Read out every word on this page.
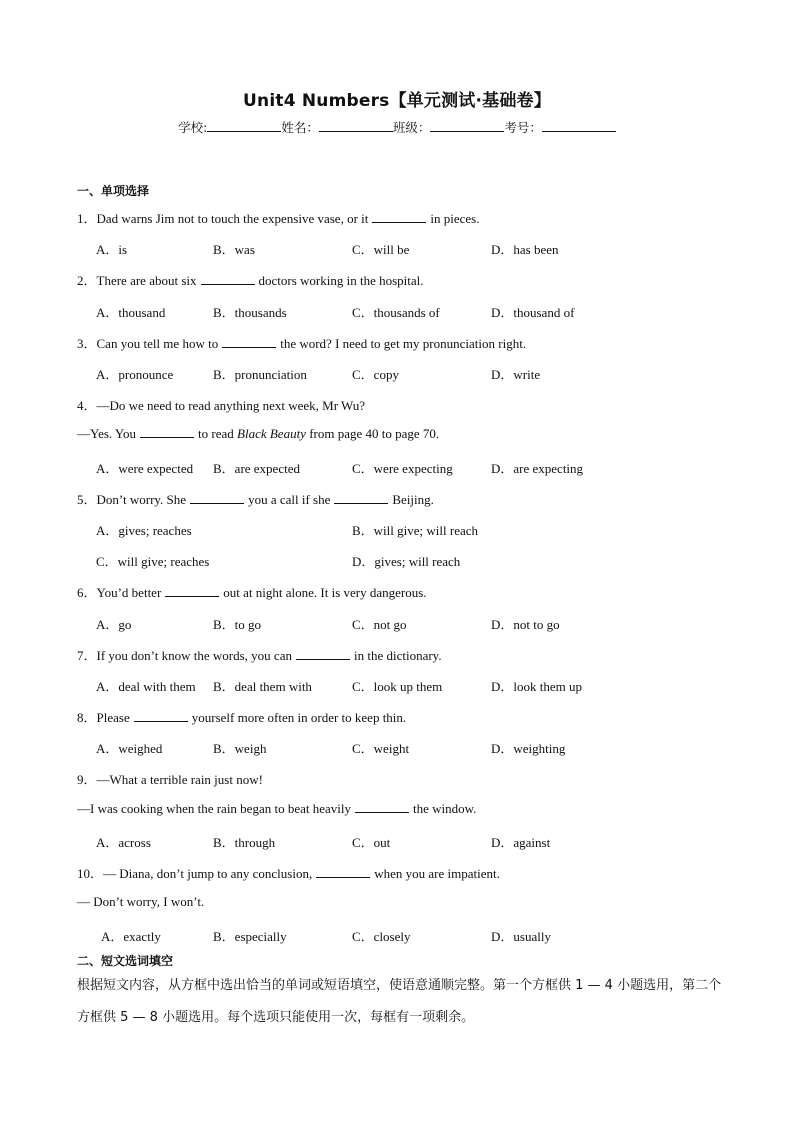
Unit4 Numbers【单元测试·基础卷】
学校:	姓名：	班级：	考号：
一、单项选择
1．Dad warns Jim not to touch the expensive vase, or it	in pieces.
A．is	B．was	C．will be	D．has been
2．There are about six	doctors working in the hospital.
A．thousand	B．thousands	C．thousands of	D．thousand of
3．Can you tell me how to	the word? I need to get my pronunciation right.
A．pronounce	B．pronunciation	C．copy	D．write
4．—Do we need to read anything next week, Mr Wu?
—Yes. You	to read Black Beauty from page 40 to page 70.
A．were expected B．are expected	C．were expecting	D．are expecting
5．Don’t worry. She	you a call if she	Beijing.
A．gives; reaches	B．will give; will reach
C．will give; reaches	D．gives; will reach
6．You’d better	out at night alone. It is very dangerous.
A．go	B．to go	C．not go	D．not to go
7．If you don’t know the words, you can	in the dictionary.
A．deal with them B．deal them with	C．look up them	D．look them up
8．Please	yourself more often in order to keep thin.
A．weighed	B．weigh	C．weight	D．weighting
9．—What a terrible rain just now!
—I was cooking when the rain began to beat heavily	the window.
A．across	B．through	C．out	D．against
10．— Diana, don’t jump to any conclusion,	when you are impatient.
— Don’t worry, I won’t.
A．exactly	B．especially	C．closely	D．usually
二、短文选词填空
根据短文内容，从方框中选出恰当的单词或短语填空，使语意通顺完整。第一个方框供 1 — 4 小题选用，第二个方框供 5 — 8 小题选用。每个选项只能使用一次，每框有一项剩余。
